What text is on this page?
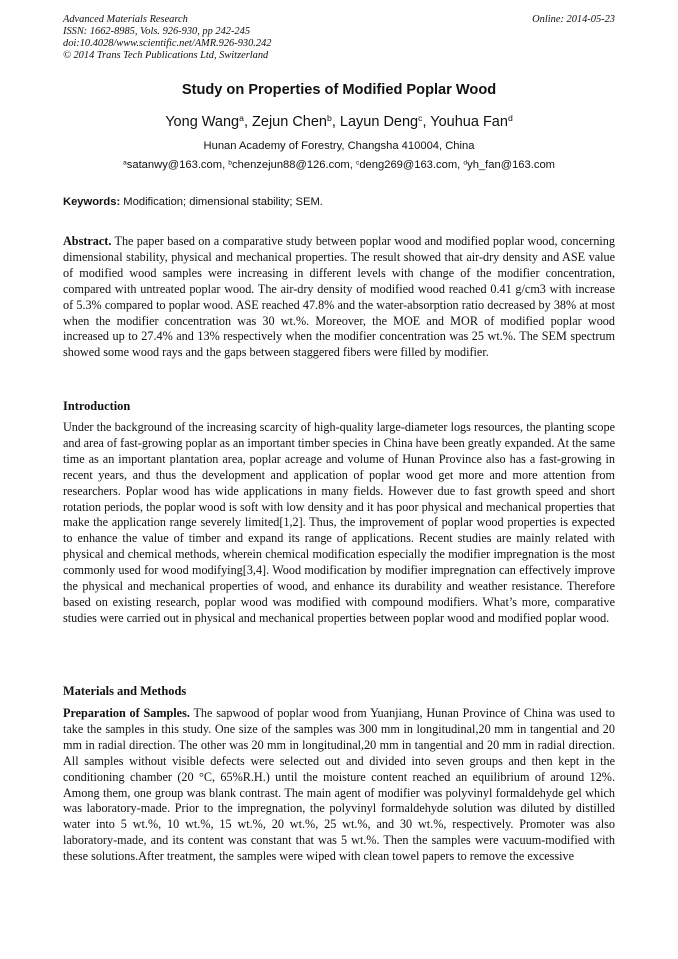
Advanced Materials Research
ISSN: 1662-8985, Vols. 926-930, pp 242-245
doi:10.4028/www.scientific.net/AMR.926-930.242
© 2014 Trans Tech Publications Ltd, Switzerland
Online: 2014-05-23
Study on Properties of Modified Poplar Wood
Yong Wang$^a$, Zejun Chen$^b$, Layun Deng$^c$, Youhua Fan$^d$
Hunan Academy of Forestry, Changsha 410004, China
$^a$satanwy@163.com, $^b$chenzejun88@126.com, $^c$deng269@163.com, $^d$yh_fan@163.com
Keywords: Modification; dimensional stability; SEM.
Abstract. The paper based on a comparative study between poplar wood and modified poplar wood, concerning dimensional stability, physical and mechanical properties. The result showed that air-dry density and ASE value of modified wood samples were increasing in different levels with change of the modifier concentration, compared with untreated poplar wood. The air-dry density of modified wood reached 0.41 g/cm3 with increase of 5.3% compared to poplar wood. ASE reached 47.8% and the water-absorption ratio decreased by 38% at most when the modifier concentration was 30 wt.%. Moreover, the MOE and MOR of modified poplar wood increased up to 27.4% and 13% respectively when the modifier concentration was 25 wt.%. The SEM spectrum showed some wood rays and the gaps between staggered fibers were filled by modifier.
Introduction
Under the background of the increasing scarcity of high-quality large-diameter logs resources, the planting scope and area of fast-growing poplar as an important timber species in China have been greatly expanded. At the same time as an important plantation area, poplar acreage and volume of Hunan Province also has a fast-growing in recent years, and thus the development and application of poplar wood get more and more attention from researchers. Poplar wood has wide applications in many fields. However due to fast growth speed and short rotation periods, the poplar wood is soft with low density and it has poor physical and mechanical properties that make the application range severely limited[1,2]. Thus, the improvement of poplar wood properties is expected to enhance the value of timber and expand its range of applications. Recent studies are mainly related with physical and chemical methods, wherein chemical modification especially the modifier impregnation is the most commonly used for wood modifying[3,4]. Wood modification by modifier impregnation can effectively improve the physical and mechanical properties of wood, and enhance its durability and weather resistance. Therefore based on existing research, poplar wood was modified with compound modifiers. What’s more, comparative studies were carried out in physical and mechanical properties between poplar wood and modified poplar wood.
Materials and Methods
Preparation of Samples. The sapwood of poplar wood from Yuanjiang, Hunan Province of China was used to take the samples in this study. One size of the samples was 300 mm in longitudinal,20 mm in tangential and 20 mm in radial direction. The other was 20 mm in longitudinal,20 mm in tangential and 20 mm in radial direction. All samples without visible defects were selected out and divided into seven groups and then kept in the conditioning chamber (20 °C, 65%R.H.) until the moisture content reached an equilibrium of around 12%. Among them, one group was blank contrast. The main agent of modifier was polyvinyl formaldehyde gel which was laboratory-made. Prior to the impregnation, the polyvinyl formaldehyde solution was diluted by distilled water into 5 wt.%, 10 wt.%, 15 wt.%, 20 wt.%, 25 wt.%, and 30 wt.%, respectively. Promoter was also laboratory-made, and its content was constant that was 5 wt.%. Then the samples were vacuum-modified with these solutions.After treatment, the samples were wiped with clean towel papers to remove the excessive
